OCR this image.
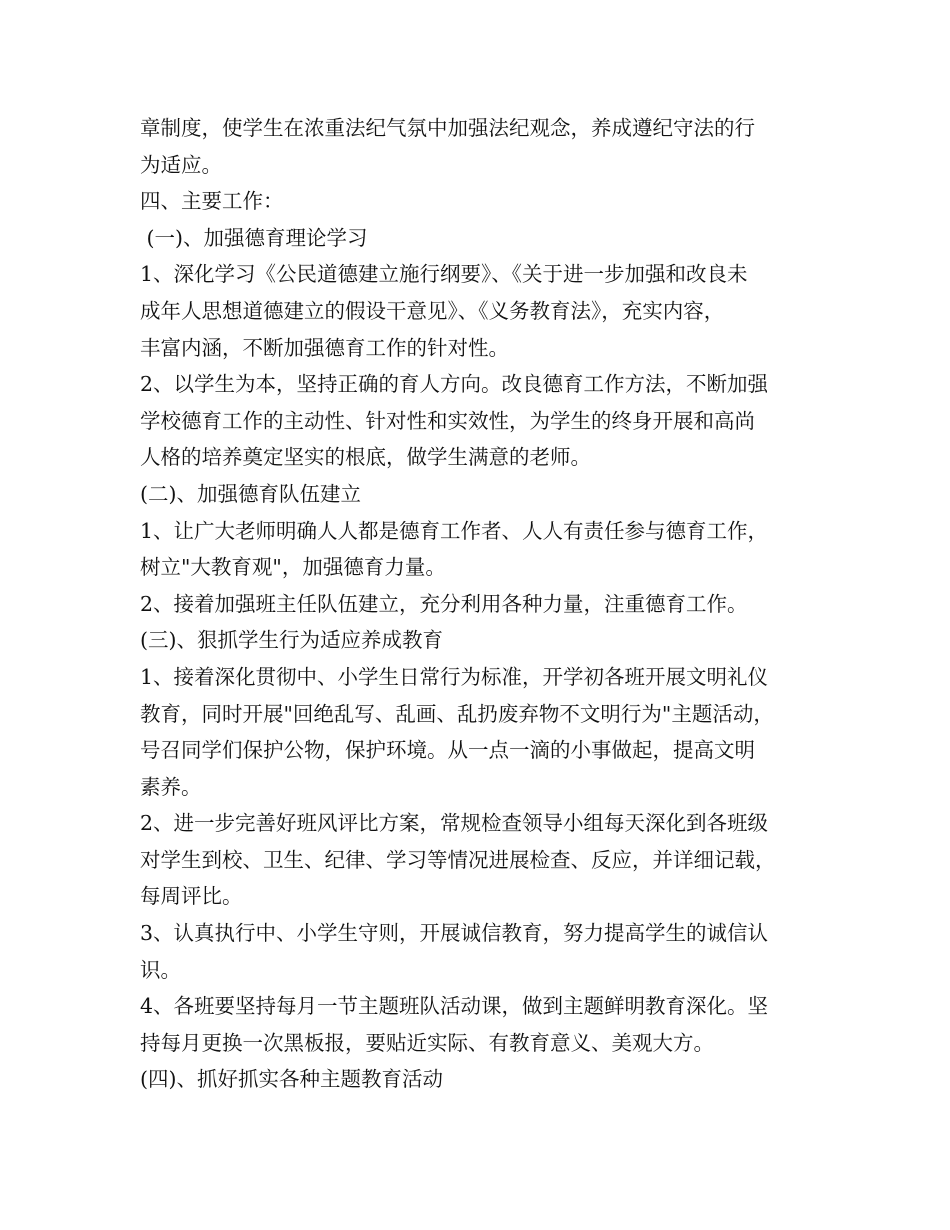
章制度，使学生在浓重法纪气氛中加强法纪观念，养成遵纪守法的行
为适应。
四、主要工作：
(一)、加强德育理论学习
1、深化学习《公民道德建立施行纲要》、《关于进一步加强和改良未
成年人思想道德建立的假设干意见》、《义务教育法》，充实内容，
丰富内涵，不断加强德育工作的针对性。
2、以学生为本，坚持正确的育人方向。改良德育工作方法，不断加强
学校德育工作的主动性、针对性和实效性，为学生的终身开展和高尚
人格的培养奠定坚实的根底，做学生满意的老师。
(二)、加强德育队伍建立
1、让广大老师明确人人都是德育工作者、人人有责任参与德育工作，
树立"大教育观"，加强德育力量。
2、接着加强班主任队伍建立，充分利用各种力量，注重德育工作。
(三)、狠抓学生行为适应养成教育
1、接着深化贯彻中、小学生日常行为标准，开学初各班开展文明礼仪
教育，同时开展"回绝乱写、乱画、乱扔废弃物不文明行为"主题活动，
号召同学们保护公物，保护环境。从一点一滴的小事做起，提高文明
素养。
2、进一步完善好班风评比方案，常规检查领导小组每天深化到各班级
对学生到校、卫生、纪律、学习等情况进展检查、反应，并详细记载，
每周评比。
3、认真执行中、小学生守则，开展诚信教育，努力提高学生的诚信认
识。
4、各班要坚持每月一节主题班队活动课，做到主题鲜明教育深化。坚
持每月更换一次黑板报，要贴近实际、有教育意义、美观大方。
(四)、抓好抓实各种主题教育活动
